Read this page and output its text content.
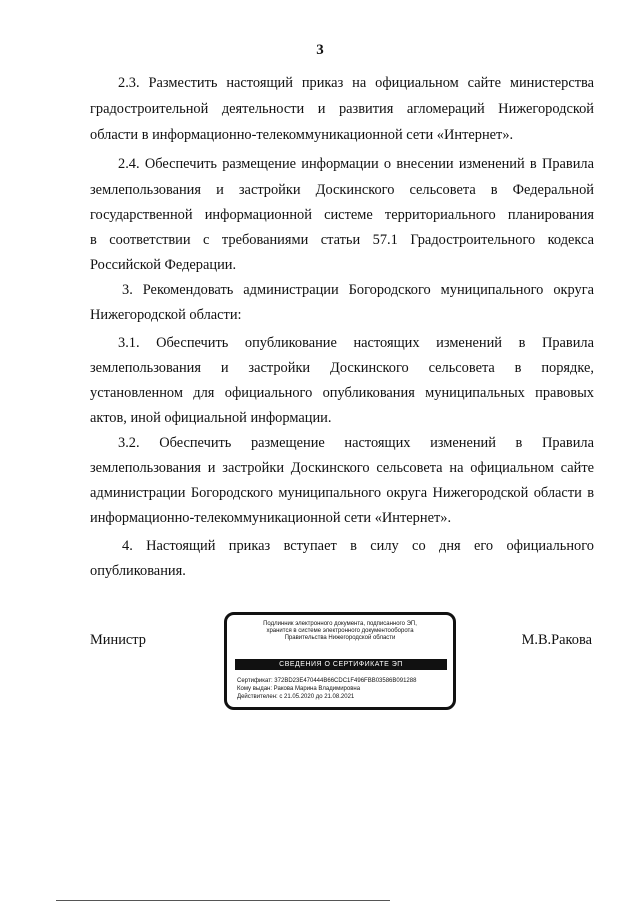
3
2.3. Разместить настоящий приказ на официальном сайте министерства
градостроительной деятельности и развития агломераций Нижегородской
области в информационно-телекоммуникационной сети «Интернет».
2.4. Обеспечить размещение информации о внесении изменений в Правила
землепользования и застройки Доскинского сельсовета в Федеральной
государственной информационной системе территориального планирования
в соответствии с требованиями статьи 57.1 Градостроительного кодекса
Российской Федерации.
3. Рекомендовать администрации Богородского муниципального округа
Нижегородской области:
3.1. Обеспечить опубликование настоящих изменений в Правила
землепользования и застройки Доскинского сельсовета в порядке,
установленном для официального опубликования муниципальных правовых
актов, иной официальной информации.
3.2. Обеспечить размещение настоящих изменений в Правила
землепользования и застройки Доскинского сельсовета на официальном сайте
администрации Богородского муниципального округа Нижегородской области в
информационно-телекоммуникационной сети «Интернет».
4. Настоящий приказ вступает в силу со дня его официального
опубликования.
Министр
Подлинник электронного документа, подписанного ЭП,
хранится в системе электронного документооборота
Правительства Нижегородской области
СВЕДЕНИЯ О СЕРТИФИКАТЕ ЭП
Сертификат: 372BD23E470444B66CDC1F496FBB03586B091288
Кому выдан: Ракова Марина Владимировна
Действителен: с 21.05.2020 до 21.08.2021
М.В.Ракова
